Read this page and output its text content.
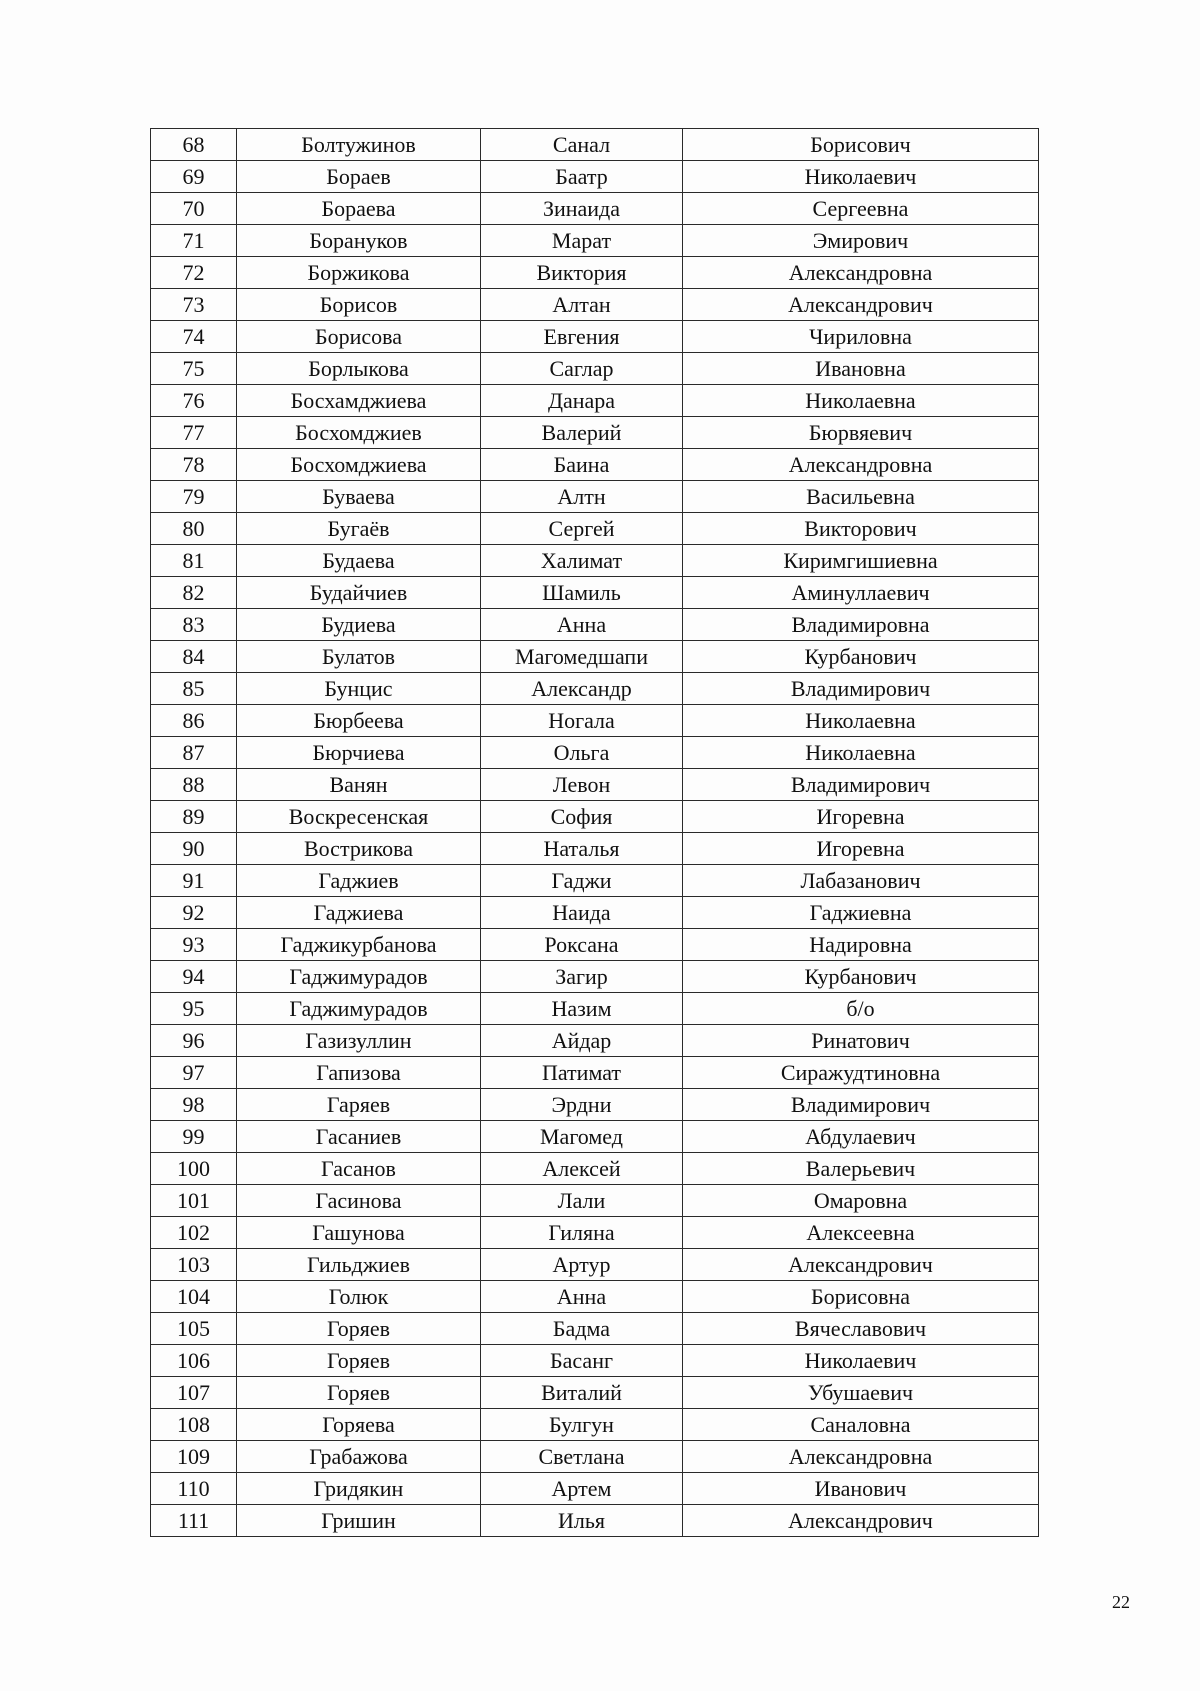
68	Болтужинов	Санал	Борисович
69	Бораев	Баатр	Николаевич
70	Бораева	Зинаида	Сергеевна
71	Борануков	Марат	Эмирович
72	Боржикова	Виктория	Александровна
73	Борисов	Алтан	Александрович
74	Борисова	Евгения	Чириловна
75	Борлыкова	Саглар	Ивановна
76	Босхамджиева	Данара	Николаевна
77	Босхомджиев	Валерий	Бюрвяевич
78	Босхомджиева	Баина	Александровна
79	Буваева	Алтн	Васильевна
80	Бугаёв	Сергей	Викторович
81	Будаева	Халимат	Киримгишиевна
82	Будайчиев	Шамиль	Аминуллаевич
83	Будиева	Анна	Владимировна
84	Булатов	Магомедшапи	Курбанович
85	Бунцис	Александр	Владимирович
86	Бюрбеева	Ногала	Николаевна
87	Бюрчиева	Ольга	Николаевна
88	Ванян	Левон	Владимирович
89	Воскресенская	София	Игоревна
90	Вострикова	Наталья	Игоревна
91	Гаджиев	Гаджи	Лабазанович
92	Гаджиева	Наида	Гаджиевна
93	Гаджикурбанова	Роксана	Надировна
94	Гаджимурадов	Загир	Курбанович
95	Гаджимурадов	Назим	б/о
96	Газизуллин	Айдар	Ринатович
97	Гапизова	Патимат	Сиражудтиновна
98	Гаряев	Эрдни	Владимирович
99	Гасаниев	Магомед	Абдулаевич
100	Гасанов	Алексей	Валерьевич
101	Гасинова	Лали	Омаровна
102	Гашунова	Гиляна	Алексеевна
103	Гильджиев	Артур	Александрович
104	Голюк	Анна	Борисовна
105	Горяев	Бадма	Вячеславович
106	Горяев	Басанг	Николаевич
107	Горяев	Виталий	Убушаевич
108	Горяева	Булгун	Саналовна
109	Грабажова	Светлана	Александровна
110	Гридякин	Артем	Иванович
111	Гришин	Илья	Александрович
22
